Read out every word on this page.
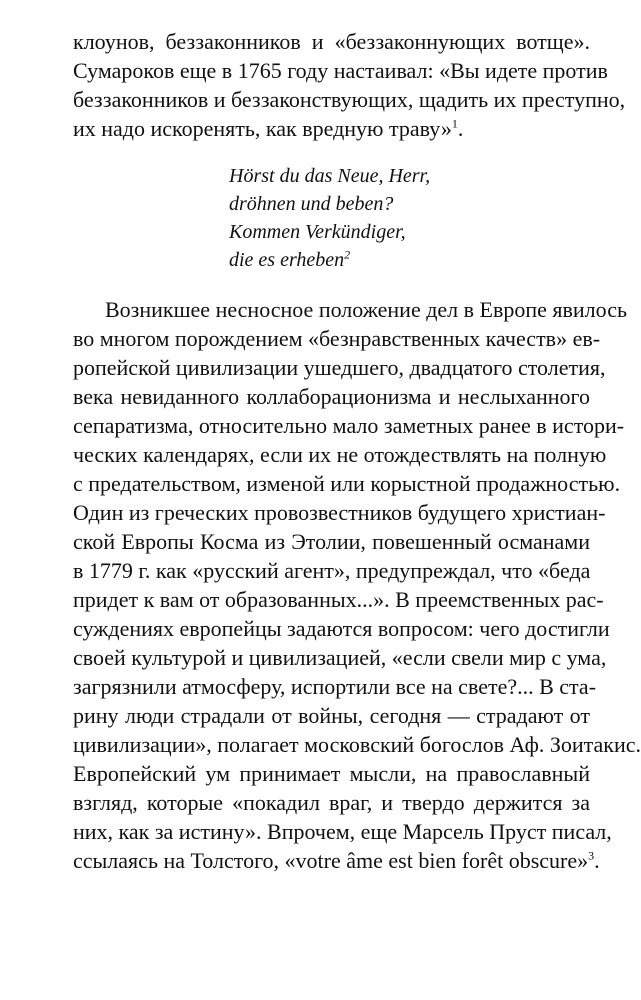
клоунов, беззаконников и «беззаконнующих вотще».
Сумароков еще в 1765 году настаивал: «Вы идете против
беззаконников и беззаконствующих, щадить их преступно,
их надо искоренять, как вредную траву»$^1$.
Hörst du das Neue, Herr,
dröhnen und beben?
Kommen Verkündiger,
die es erheben$^2$
Возникшее несносное положение дел в Европе явилось
во многом порождением «безнравственных качеств» ев-
ропейской цивилизации ушедшего, двадцатого столетия,
века невиданного коллаборационизма и неслыханного
сепаратизма, относительно мало заметных ранее в истори-
ческих календарях, если их не отождествлять на полную
с предательством, изменой или корыстной продажностью.
Один из греческих провозвестников будущего христиан-
ской Европы Косма из Этолии, повешенный османами
в 1779 г. как «русский агент», предупреждал, что «беда
придет к вам от образованных...». В преемственных рас-
суждениях европейцы задаются вопросом: чего достигли
своей культурой и цивилизацией, «если свели мир с ума,
загрязнили атмосферу, испортили все на свете?... В ста-
рину люди страдали от войны, сегодня — страдают от
цивилизации», полагает московский богослов Аф. Зоитакис.
Европейский ум принимает мысли, на православный
взгляд, которые «покадил враг, и твердо держится за
них, как за истину». Впрочем, еще Марсель Пруст писал,
ссылаясь на Толстого, «votre âme est bien forêt obscure»$^3$.
